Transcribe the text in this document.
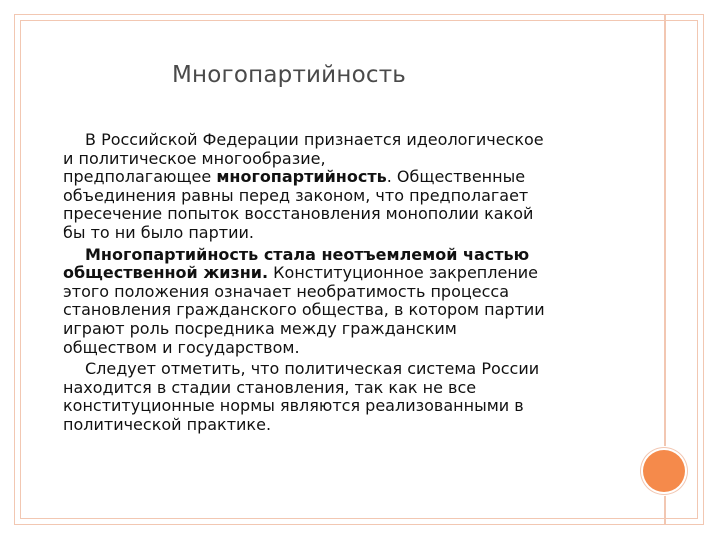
Многопартийность
В Российской Федерации признается идеологическое
и политическое многообразие,
предполагающее многопартийность. Общественные
объединения равны перед законом, что предполагает
пресечение попыток восстановления монополии какой
бы то ни было партии.
Многопартийность стала неотъемлемой частью
общественной жизни. Конституционное закрепление
этого положения означает необратимость процесса
становления гражданского общества, в котором партии
играют роль посредника между гражданским
обществом и государством.
Следует отметить, что политическая система России
находится в стадии становления, так как не все
конституционные нормы являются реализованными в
политической практике.
